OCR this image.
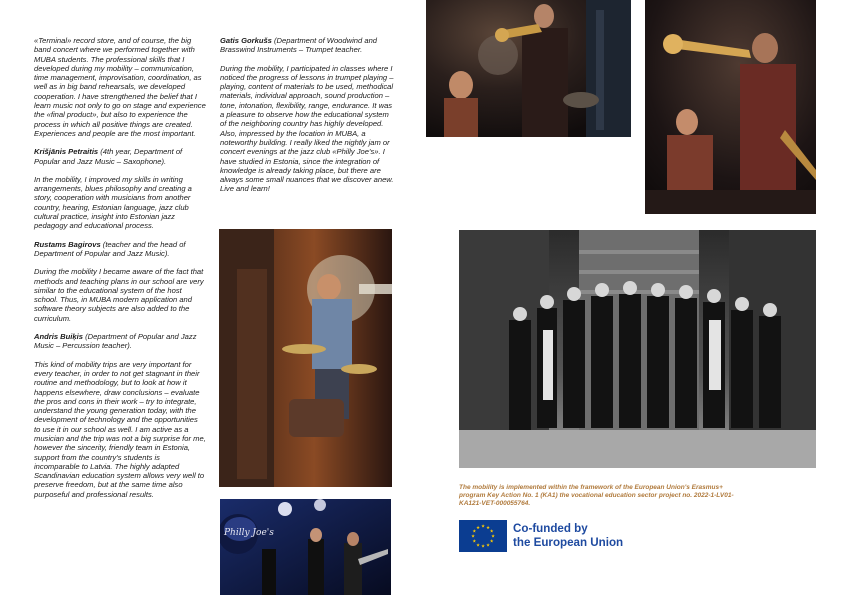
«Terminal» record store, and of course, the big band concert where we performed together with MUBA students. The professional skills that I developed during my mobility – communication, time management, improvisation, coordination, as well as in big band rehearsals, we developed cooperation. I have strengthened the belief that I learn music not only to go on stage and experience the «final product», but also to experience the process in which all positive things are created. Experiences and people are the most important.

Krišjānis Petraitis (4th year, Department of Popular and Jazz Music – Saxophone).

In the mobility, I improved my skills in writing arrangements, blues philosophy and creating a story, cooperation with musicians from another country, hearing, Estonian language, jazz club cultural practice, insight into Estonian jazz pedagogy and educational process.

Rustams Bagirovs (teacher and the head of Department of Popular and Jazz Music).

During the mobility I became aware of the fact that methods and teaching plans in our school are very similar to the educational system of the host school. Thus, in MUBA modern application and software theory subjects are also added to the curriculum.

Andris Buiķis (Department of Popular and Jazz Music – Percussion teacher).

This kind of mobility trips are very important for every teacher, in order to not get stagnant in their routine and methodology, but to look at how it happens elsewhere, draw conclusions – evaluate the pros and cons in their work – try to integrate, understand the young generation today, with the development of technology and the opportunities to use it in our school as well. I am active as a musician and the trip was not a big surprise for me, however the sincerity, friendly team in Estonia, support from the country's students is incomparable to Latvia. The highly adapted Scandinavian education system allows very well to preserve freedom, but at the same time also purposeful and professional results.

Gatis Gorkušs (Department of Woodwind and Brasswind Instruments – Trumpet teacher.

During the mobility, I participated in classes where I noticed the progress of lessons in trumpet playing – playing, content of materials to be used, methodical materials, individual approach, sound production – tone, intonation, flexibility, range, endurance. It was a pleasure to observe how the educational system of the neighboring country has highly developed. Also, impressed by the location in MUBA, a noteworthy building. I really liked the nightly jam or concert evenings at the jazz club «Philly Joe's». I have studied in Estonia, since the integration of knowledge is already taking place, but there are always some small nuances that we discover anew. Live and learn!

Philly Joe's
The mobility is implemented within the framework of the European Union's Erasmus+ program Key Action No. 1 (KA1) the vocational education sector project no. 2022-1-LV01-KA121-VET-000055764.
★ ★
★
★
★
★
★
★
★
★
★
★	Co-funded by
the European Union
